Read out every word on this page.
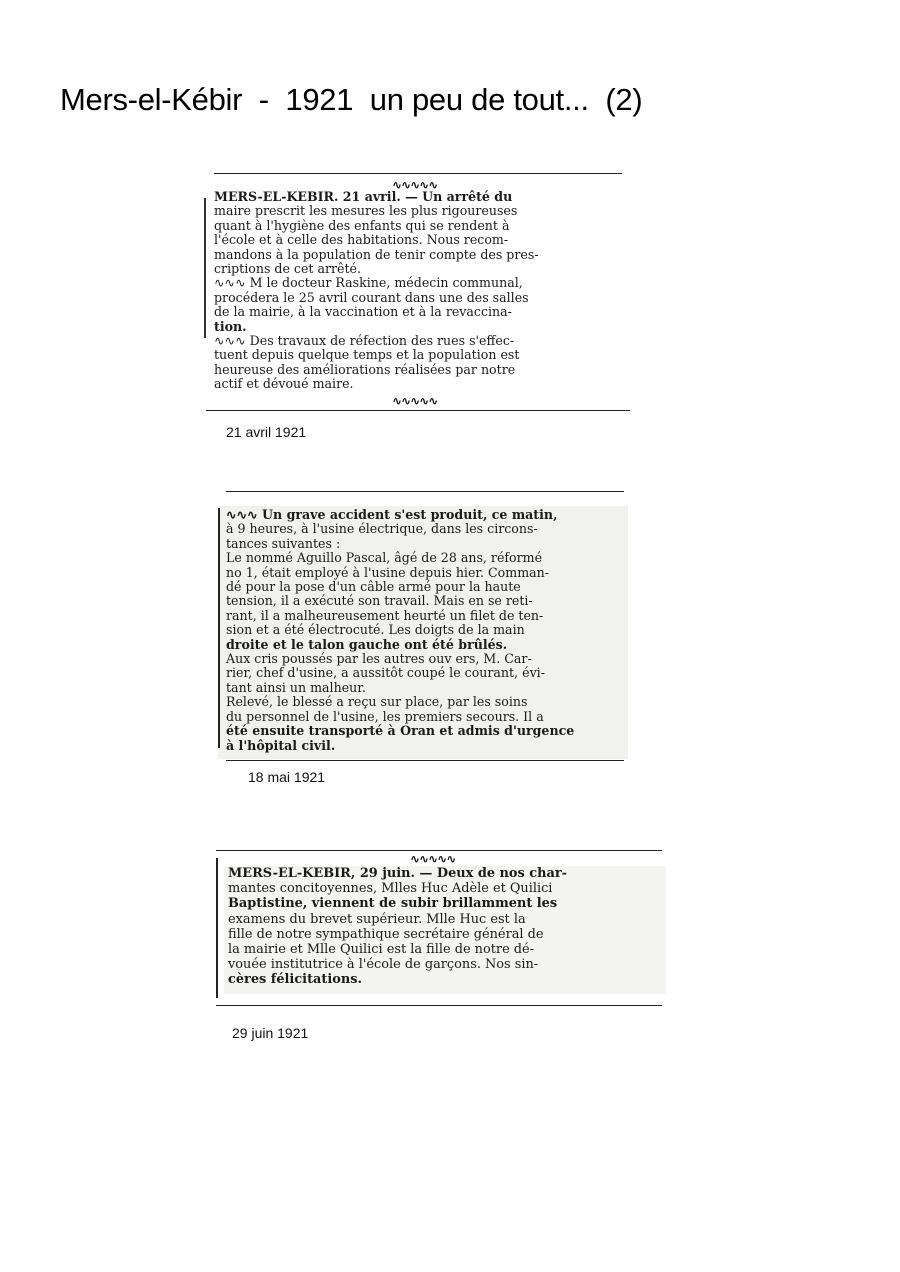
Mers-el-Kébir  -  1921  un peu de tout...  (2)
∿∿∿∿∿
MERS-EL-KEBIR. 21 avril. — Un arrêté du
maire prescrit les mesures les plus rigoureuses
quant à l'hygiène des enfants qui se rendent à
l'école et à celle des habitations. Nous recom-
mandons à la population de tenir compte des pres-
criptions de cet arrêté.
∿∿∿ M le docteur Raskine, médecin communal,
procédera le 25 avril courant dans une des salles
de la mairie, à la vaccination et à la revaccina-
tion.
∿∿∿ Des travaux de réfection des rues s'effec-
tuent depuis quelque temps et la population est
heureuse des améliorations réalisées par notre
actif et dévoué maire.
∿∿∿∿∿
21 avril 1921
∿∿∿ Un grave accident s'est produit, ce matin,
à 9 heures, à l'usine électrique, dans les circons-
tances suivantes :
Le nommé Aguillo Pascal, âgé de 28 ans, réformé
no 1, était employé à l'usine depuis hier. Comman-
dé pour la pose d'un câble armé pour la haute
tension, il a exécuté son travail. Mais en se reti-
rant, il a malheureusement heurté un filet de ten-
sion et a été électrocuté. Les doigts de la main
droite et le talon gauche ont été brûlés.
Aux cris poussés par les autres ouv ers, M. Car-
rier, chef d'usine, a aussitôt coupé le courant, évi-
tant ainsi un malheur.
Relevé, le blessé a reçu sur place, par les soins
du personnel de l'usine, les premiers secours. Il a
été ensuite transporté à Oran et admis d'urgence
à l'hôpital civil.
18 mai 1921
∿∿∿∿∿
MERS-EL-KEBIR, 29 juin. — Deux de nos char-
mantes concitoyennes, Mlles Huc Adèle et Quilici
Baptistine, viennent de subir brillamment les
examens du brevet supérieur. Mlle Huc est la
fille de notre sympathique secrétaire général de
la mairie et Mlle Quilici est la fille de notre dé-
vouée institutrice à l'école de garçons. Nos sin-
cères félicitations.
29 juin 1921
